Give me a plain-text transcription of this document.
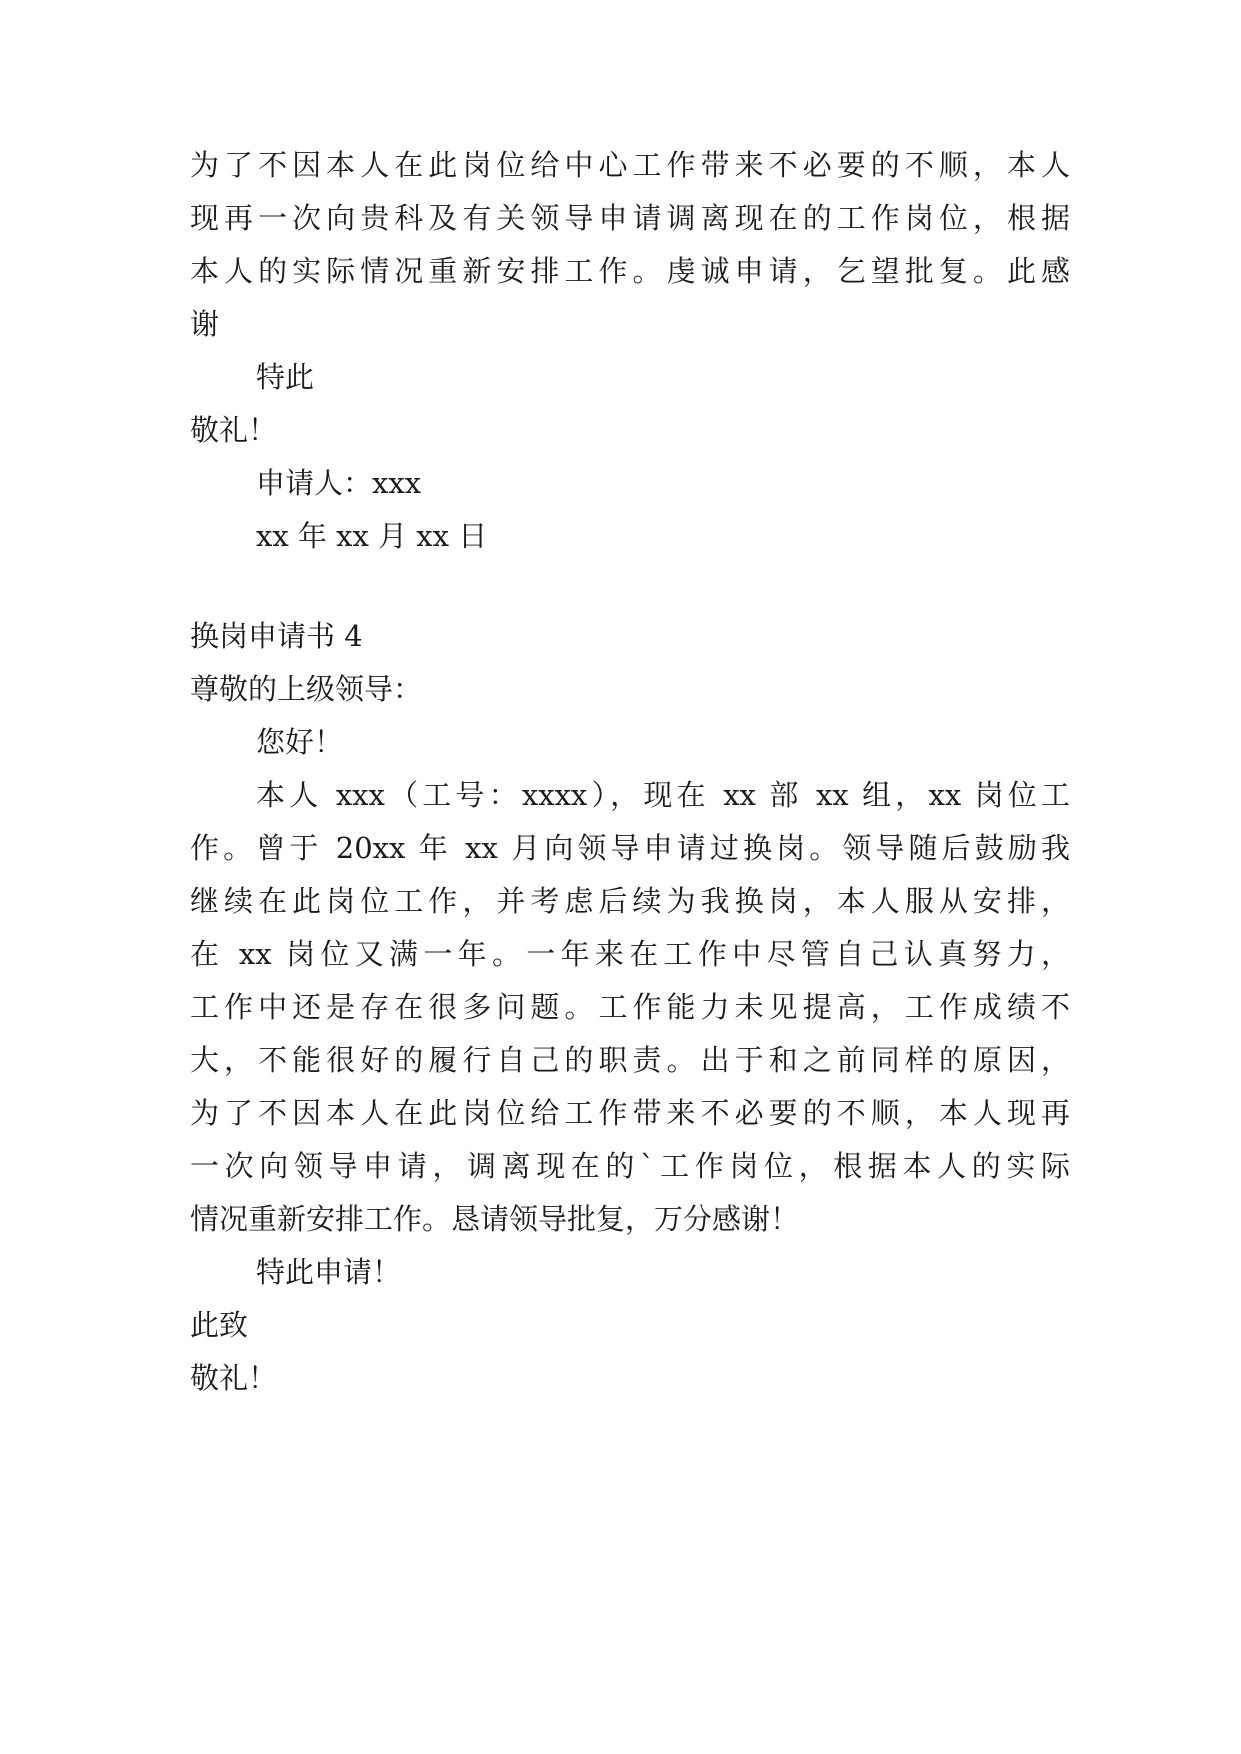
为了不因本人在此岗位给中心工作带来不必要的不顺，本人
现再一次向贵科及有关领导申请调离现在的工作岗位，根据
本人的实际情况重新安排工作。虔诚申请，乞望批复。此感
谢
特此
敬礼！
申请人：xxx
xx 年 xx 月 xx 日
换岗申请书 4
尊敬的上级领导：
您好！
本人 xxx（工号：xxxx），现在 xx 部 xx 组，xx 岗位工
作。曾于 20xx 年 xx 月向领导申请过换岗。领导随后鼓励我
继续在此岗位工作，并考虑后续为我换岗，本人服从安排，
在 xx 岗位又满一年。一年来在工作中尽管自己认真努力，
工作中还是存在很多问题。工作能力未见提高，工作成绩不
大，不能很好的履行自己的职责。出于和之前同样的原因，
为了不因本人在此岗位给工作带来不必要的不顺，本人现再
一次向领导申请，调离现在的`工作岗位，根据本人的实际
情况重新安排工作。恳请领导批复，万分感谢！
特此申请！
此致
敬礼！
